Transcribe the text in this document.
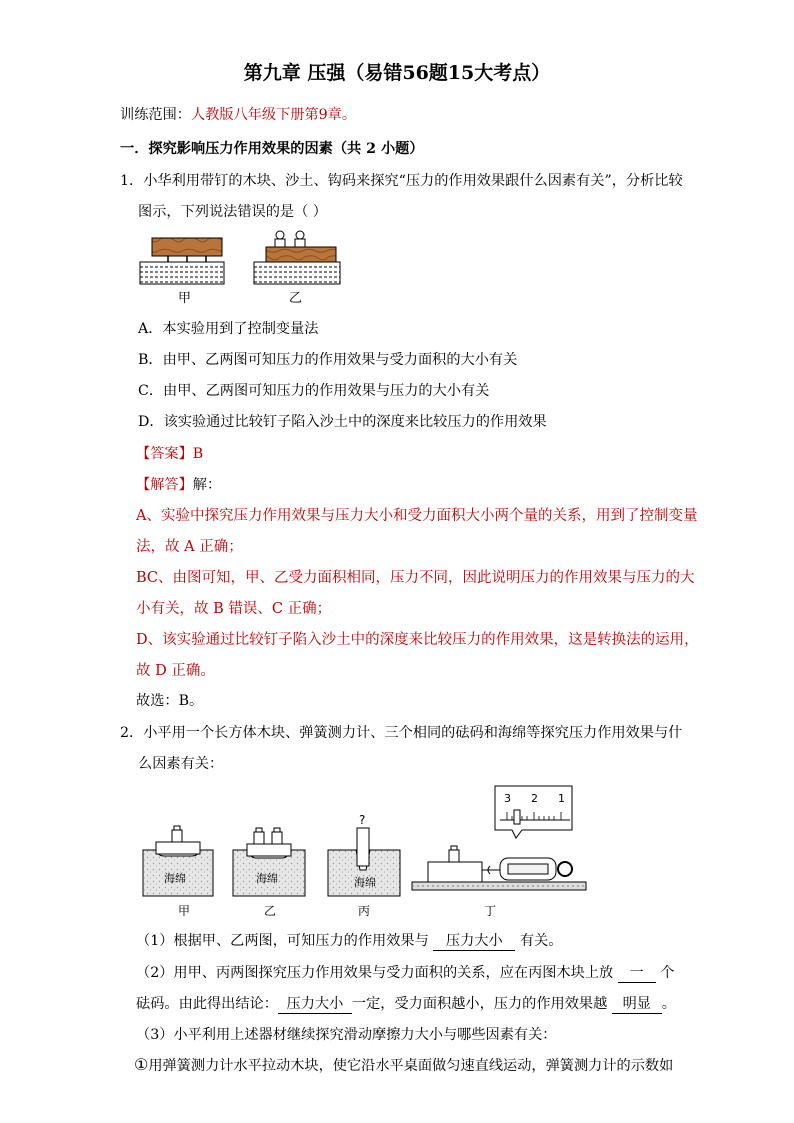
第九章 压强（易错56题15大考点）
训练范围：人教版八年级下册第9章。
一．探究影响压力作用效果的因素（共 2 小题）
1．小华利用带钉的木块、沙土、钩码来探究“压力的作用效果跟什么因素有关”，分析比较
图示，下列说法错误的是（ ）
甲	乙
A．本实验用到了控制变量法
B．由甲、乙两图可知压力的作用效果与受力面积的大小有关
C．由甲、乙两图可知压力的作用效果与压力的大小有关
D．该实验通过比较钉子陷入沙土中的深度来比较压力的作用效果
【答案】B
【解答】解：
A、实验中探究压力作用效果与压力大小和受力面积大小两个量的关系，用到了控制变量
法，故 A 正确；
BC、由图可知，甲、乙受力面积相同，压力不同，因此说明压力的作用效果与压力的大
小有关，故 B 错误、C 正确；
D、该实验通过比较钉子陷入沙土中的深度来比较压力的作用效果，这是转换法的运用，
故 D 正确。
故选：B。
2．小平用一个长方体木块、弹簧测力计、三个相同的砝码和海绵等探究压力作用效果与什
么因素有关：
海绵
甲
海绵
乙
?
海绵
丙
3 2 1
丁
（1）根据甲、乙两图，可知压力的作用效果与 压力大小 有关。
（2）用甲、丙两图探究压力作用效果与受力面积的关系，应在丙图木块上放 一 个
砝码。由此得出结论： 压力大小 一定，受力面积越小，压力的作用效果越 明显 。
（3）小平利用上述器材继续探究滑动摩擦力大小与哪些因素有关：
①用弹簧测力计水平拉动木块，使它沿水平桌面做匀速直线运动，弹簧测力计的示数如
